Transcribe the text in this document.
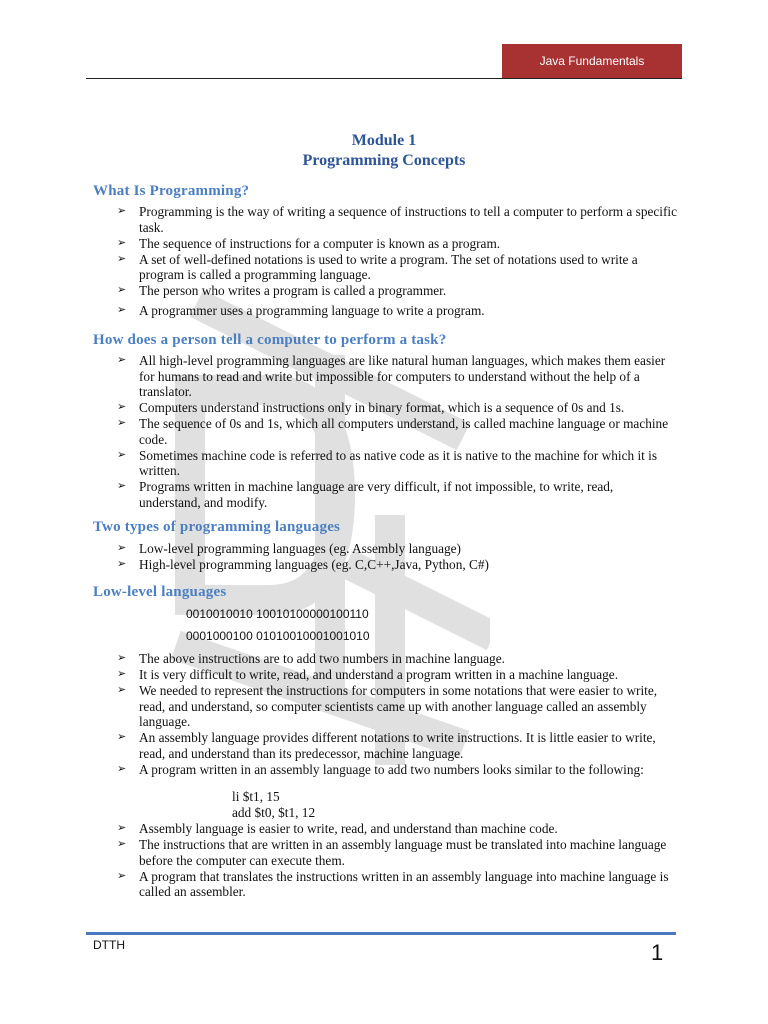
Java Fundamentals
Module 1
Programming Concepts
What Is Programming?
➢ Programming is the way of writing a sequence of instructions to tell a computer to perform a specific task.
➢ The sequence of instructions for a computer is known as a program.
➢ A set of well-defined notations is used to write a program. The set of notations used to write a program is called a programming language.
➢ The person who writes a program is called a programmer.
➢ A programmer uses a programming language to write a program.
How does a person tell a computer to perform a task?
➢ All high-level programming languages are like natural human languages, which makes them easier for humans to read and write but impossible for computers to understand without the help of a translator.
➢ Computers understand instructions only in binary format, which is a sequence of 0s and 1s.
➢ The sequence of 0s and 1s, which all computers understand, is called machine language or machine code.
➢ Sometimes machine code is referred to as native code as it is native to the machine for which it is written.
➢ Programs written in machine language are very difficult, if not impossible, to write, read, understand, and modify.
Two types of programming languages
➢ Low-level programming languages (eg. Assembly language)
➢ High-level programming languages (eg. C,C++,Java, Python, C#)
Low-level languages
0010010010 10010100000100110
0001000100 01010010001001010
➢ The above instructions are to add two numbers in machine language.
➢ It is very difficult to write, read, and understand a program written in a machine language.
➢ We needed to represent the instructions for computers in some notations that were easier to write, read, and understand, so computer scientists came up with another language called an assembly language.
➢ An assembly language provides different notations to write instructions. It is little easier to write, read, and understand than its predecessor, machine language.
➢ A program written in an assembly language to add two numbers looks similar to the following:
li $t1, 15
add $t0, $t1, 12
➢ Assembly language is easier to write, read, and understand than machine code.
➢ The instructions that are written in an assembly language must be translated into machine language before the computer can execute them.
➢ A program that translates the instructions written in an assembly language into machine language is called an assembler.
DTTH	1
